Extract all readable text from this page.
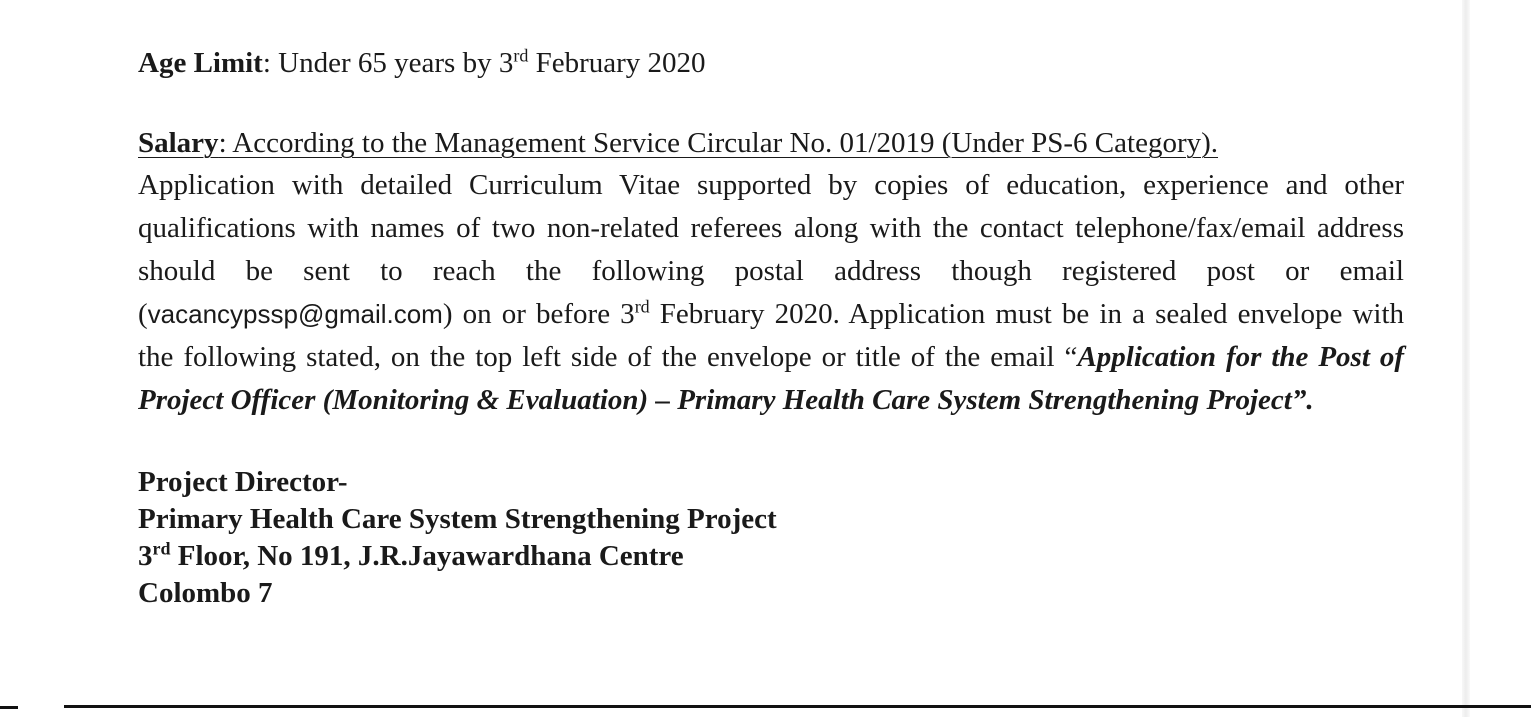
Age Limit: Under 65 years by 3rd February 2020

Salary: According to the Management Service Circular No. 01/2019 (Under PS-6 Category).

Application with detailed Curriculum Vitae supported by copies of education, experience and other qualifications with names of two non-related referees along with the contact telephone/fax/email address should be sent to reach the following postal address though registered post or email (vacancypssp@gmail.com) on or before 3rd February 2020. Application must be in a sealed envelope with the following stated, on the top left side of the envelope or title of the email “Application for the Post of Project Officer (Monitoring & Evaluation) – Primary Health Care System Strengthening Project”.

Project Director-
Primary Health Care System Strengthening Project
3rd Floor, No 191, J.R.Jayawardhana Centre
Colombo 7
